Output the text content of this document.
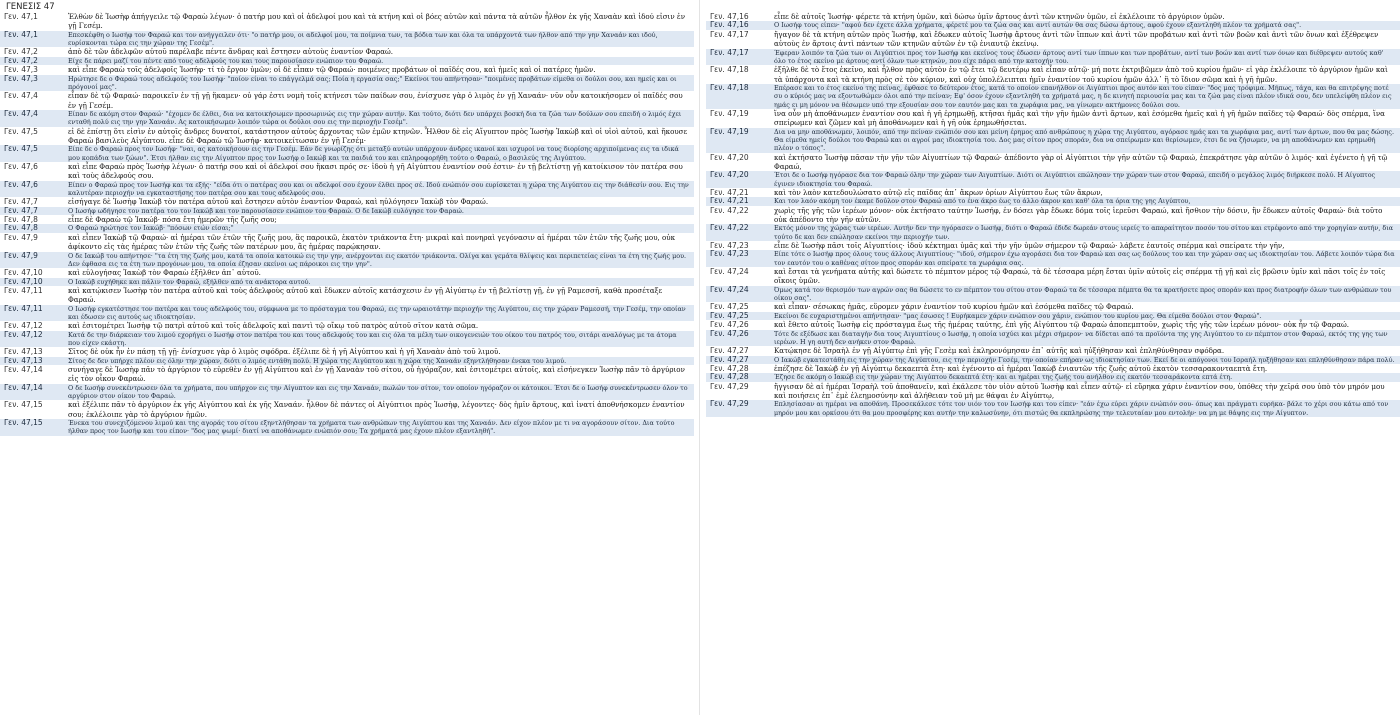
ΓΕΝΕΣΙΣ 47
Γεν. 47,1	Ἐλθὼν δὲ Ἰωσὴφ ἀπήγγειλε τῷ Φαραὼ λέγων· ὁ πατήρ μου καὶ οἱ ἀδελφοί μου καὶ τὰ κτήνη καὶ οἱ βόες αὐτῶν καὶ πάντα τὰ αὐτῶν ἦλθον ἐκ γῆς Χαναὰν καὶ ἰδού εἰσιν ἐν γῇ Γεσέμ.
Γεν. 47,1	Επεσκέφθη ο Ιωσήφ τον Φαραώ και τον ανήγγειλεν ότι· "ο πατήρ μου, οι αδελφοί μου, τα ποίμνια των, τα βόδια των και όλα τα υπάρχοντά των ήλθον από την γην Χαναάν και ιδού, ευρίσκονται τώρα εις την χώραν της Γεσέμ".
Γεν. 47,2	ἀπὸ δὲ τῶν ἀδελφῶν αὐτοῦ παρέλαβε πέντε ἄνδρας καὶ ἔστησεν αὐτοὺς ἐναντίον Φαραώ.
Γεν. 47,2	Είχε δε πάρει μαζί του πέντε από τους αδελφούς του και τους παρουσίασεν ενώπιον του Φαραώ.
Γεν. 47,3	καὶ εἶπε Φαραὼ τοῖς ἀδελφοῖς Ἰωσήφ· τί τὸ ἔργον ὑμῶν; οἱ δὲ εἶπαν τῷ Φαραώ· ποιμένες προβάτων οἱ παῖδές σου, καὶ ἡμεῖς καὶ οἱ πατέρες ἡμῶν.
Γεν. 47,3	Ηρώτησε δε ο Φαραώ τους αδελφούς του Ιωσήφ· "ποίον είναι το επάγγελμά σας; Ποία η εργασία σας;" Εκείνοι του απήντησαν· "ποιμένες προβάτων είμεθα οι δούλοι σου, και ημείς και οι πρόγονοί μας".
Γεν. 47,4	εἶπαν δὲ τῷ Φαραώ· παροικεῖν ἐν τῇ γῇ ἥκαμεν· οὐ γάρ ἐστι νομὴ τοῖς κτήνεσι τῶν παίδων σου, ἐνίσχυσε γὰρ ὁ λιμὸς ἐν γῇ Χαναάν· νῦν οὖν κατοικήσομεν οἱ παῖδές σου ἐν γῇ Γεσέμ.
Γεν. 47,4	Είπαν δε ακόμη στον Φαραώ· "έχομεν δε έλθει, δια να κατοικήσωμεν προσωρινώς εις την χώραν αυτήν. Και τούτο, διότι δεν υπάρχει βοσκή δια τα ζώα των δούλων σου επειδή ο λιμός έχει ενταθή πολύ εις την γην Χαναάν. Ας κατοικήσωμεν λοιπόν τώρα οι δούλοι σου εις την περιοχήν Γεσέμ".
Γεν. 47,5	εἰ δὲ ἐπίστῃ ὅτι εἰσὶν ἐν αὐτοῖς ἄνδρες δυνατοί, κατάστησον αὐτοὺς ἄρχοντας τῶν ἐμῶν κτηνῶν. Ἦλθον δὲ εἰς Αἴγυπτον πρὸς Ἰωσὴφ Ἰακὼβ καὶ οἱ υἱοὶ αὐτοῦ, καὶ ἤκουσε Φαραὼ βασιλεὺς Αἰγύπτου. εἶπε δὲ Φαραὼ τῷ Ἰωσήφ· κατοικείτωσαν ἐν γῇ Γεσέμ·
Γεν. 47,5	Είπε δε ο Φαραώ προς τον Ιωσήφ· "ναι, ας κατοικήσουν εις την Γεσέμ. Εάν δε γνωρίζης ότι μεταξύ αυτών υπάρχουν άνδρες ικανοί και ισχυροί να τους διορίσης αρχιποίμενας εις τα ιδικά μου κοπάδια των ζώων". Έτσι ήλθαν εις την Αίγυπτον προς τον Ιωσήφ ο Ιακώβ και τα παιδιά του και επληροφορήθη τούτο ο Φαραώ, ο βασιλεύς της Αιγύπτου.
Γεν. 47,6	καὶ εἶπε Φαραὼ πρὸς Ἰωσὴφ λέγων· ὁ πατήρ σου καὶ οἱ ἀδελφοί σου ἥκασι πρός σε· ἰδοὺ ἡ γῆ Αἰγύπτου ἐναντίον σού ἐστιν· ἐν τῇ βελτίστῃ γῇ κατοίκισον τὸν πατέρα σου καὶ τοὺς ἀδελφούς σου.
Γεν. 47,6	Είπεν ο Φαραώ προς τον Ιωσήφ και τα εξής· "είδα ότι ο πατέρας σου και οι αδελφοί σου έχουν έλθει προς σέ. Ιδού ενώπιόν σου ευρίσκεται η χώρα της Αιγύπτου εις την διάθεσίν σου. Εις την καλυτέραν περιοχήν να εγκαταστήσης τον πατέρα σου και τους αδελφούς σου.
Γεν. 47,7	εἰσήγαγε δὲ Ἰωσὴφ Ἰακὼβ τὸν πατέρα αὐτοῦ καὶ ἔστησεν αὐτὸν ἐναντίον Φαραώ, καὶ ηὐλόγησεν Ἰακὼβ τὸν Φαραώ.
Γεν. 47,7	Ο Ιωσήφ ωδήγησε τον πατέρα του τον Ιακώβ και τον παρουσίασεν ενώπιον του Φαραώ. Ο δε Ιακώβ ευλόγησε τον Φαραώ.
Γεν. 47,8	εἶπε δὲ Φαραὼ τῷ Ἰακώβ· πόσα ἔτη ἡμερῶν τῆς ζωῆς σου;
Γεν. 47,8	Ο Φαραώ ηρώτησε τον Ιακώβ· "πόσων ετών είσαι;"
Γεν. 47,9	καὶ εἶπεν Ἰακὼβ τῷ Φαραώ· αἱ ἡμέραι τῶν ἐτῶν τῆς ζωῆς μου, ἃς παροικῶ, ἑκατὸν τριάκοντα ἔτη· μικραὶ καὶ πονηραὶ γεγόνασιν αἱ ἡμέραι τῶν ἐτῶν τῆς ζωῆς μου, οὐκ ἀφίκοντο εἰς τὰς ἡμέρας τῶν ἐτῶν τῆς ζωῆς τῶν πατέρων μου, ἃς ἡμέρας παρῴκησαν.
Γεν. 47,9	Ο δε Ιακώβ του απήντησε· "τα έτη της ζωής μου, κατά τα οποία κατοικώ εις την γην, ανέρχονται εις εκατόν τριάκοντα. Ολίγα και γεμάτα θλίψεις και περιπετείας είναι τα έτη της ζωής μου. Δεν έφθασα εις τα έτη των προγόνων μου, τα οποία έζησαν εκείνοι ως πάροικοι εις την γην".
Γεν. 47,10	καὶ εὐλογήσας Ἰακὼβ τὸν Φαραὼ ἐξῆλθεν ἀπ᾿ αὐτοῦ.
Γεν. 47,10	Ο Ιακώβ ευχήθηκε και πάλιν τον Φαραώ, εξήλθεν από τα ανάκτορα αυτού.
Γεν. 47,11	καὶ κατῴκισεν Ἰωσὴφ τὸν πατέρα αὐτοῦ καὶ τοὺς ἀδελφοὺς αὐτοῦ καὶ ἔδωκεν αὐτοῖς κατάσχεσιν ἐν γῇ Αἰγύπτῳ ἐν τῇ βελτίστῃ γῇ, ἐν γῇ Ραμεσσῆ, καθὰ προσέταξε Φαραώ.
Γεν. 47,11	Ο Ιωσήφ εγκατέστησε τον πατέρα και τους αδελφούς του, σύμφωνα με το πρόσταγμα του Φαραώ, εις την ωραιοτάτην περιοχήν της Αιγύπτου, εις την χώραν Ραμεσσή, την Γεσέμ, την οποίαν και έδωσεν εις αυτούς ως ιδιοκτησίαν.
Γεν. 47,12	καὶ ἐσιτομέτρει Ἰωσὴφ τῷ πατρὶ αὐτοῦ καὶ τοῖς ἀδελφοῖς καὶ παντὶ τῷ οἴκῳ τοῦ πατρὸς αὐτοῦ σῖτον κατὰ σῶμα.
Γεν. 47,12	Κατά δε την διάρκειαν του λιμού εχορήγει ο Ιωσήφ στον πατέρα του και τους αδελφούς του και εις όλα τα μέλη των οικογενειών του οίκου του πατρός του, σιτάρι αναλόγως με τα άτομα που είχεν εκάστη.
Γεν. 47,13	Σῖτος δὲ οὐκ ἦν ἐν πάσῃ τῇ γῇ· ἐνίσχυσε γὰρ ὁ λιμὸς σφόδρα. ἐξέλιπε δὲ ἡ γῆ Αἰγύπτου καὶ ἡ γῆ Χαναὰν ἀπὸ τοῦ λιμοῦ.
Γεν. 47,13	Σίτος δε δεν υπήρχε πλέον εις όλην την χώραν, διότι ο λιμός εντάθη πολύ. Η χώρα της Αιγύπτου και η χώρα της Χαναάν εξηντλήθησαν ένεκα του λιμού.
Γεν. 47,14	συνήγαγε δὲ Ἰωσὴφ πᾶν τὸ ἀργύριον τὸ εὑρεθὲν ἐν γῇ Αἰγύπτου καὶ ἐν γῇ Χαναὰν τοῦ σίτου, οὗ ἠγόραζον, καὶ ἐσιτομέτρει αὐτοῖς, καὶ εἰσήνεγκεν Ἰωσὴφ πᾶν τὸ ἀργύριον εἰς τὸν οἶκον Φαραώ.
Γεν. 47,14	Ο δε Ιωσήφ συνεκέντρωσεν όλα τα χρήματα, που υπήρχον εις την Αίγυπτον και εις την Χαναάν, πωλών τον σίτον, τον οποίον ηγόραζον οι κάτοικοι. Έτσι δε ο Ιωσήφ συνεκέντρωσεν όλον το αργύριον στον οίκον του Φαραώ.
Γεν. 47,15	καὶ ἐξέλιπε πᾶν τὸ ἀργύριον ἐκ γῆς Αἰγύπτου καὶ ἐκ γῆς Χαναάν. ἦλθον δὲ πάντες οἱ Αἰγύπτιοι πρὸς Ἰωσὴφ, λέγοντες· δὸς ἡμῖν ἄρτους, καὶ ἱνατί ἀποθνήσκομεν ἐναντίον σου; ἐκλέλοιπε γὰρ τὸ ἀργύριον ἡμῶν.
Γεν. 47,15	Ένεκα του συνεχιζόμενου λιμού και της αγοράς του σίτου εξηντλήθησαν τα χρήματα των ανθρώπων της Αιγύπτου και της Χαναάν. Δεν είχον πλέον με τι να αγοράσουν σίτον. Δια τούτο ήλθαν προς τον Ιωσήφ και του είπον· "δος μας ψωμί· διατί να αποθάνωμεν ενώπιόν σου; Τα χρήματά μας έχουν πλέον εξαντληθή".
Γεν. 47,16	εἶπε δὲ αὐτοῖς Ἰωσήφ· φέρετε τὰ κτήνη ὑμῶν, καὶ δώσω ὑμῖν ἄρτους ἀντὶ τῶν κτηνῶν ὑμῶν, εἰ ἐκλέλοιπε τὸ ἀργύριον ὑμῶν.
Γεν. 47,16	Ο Ιωσήφ τους είπεν· "αφού δεν έχετε άλλα χρήματα, φέρετέ μου τα ζώα σας και αντί αυτών θα σας δώσω άρτους, αφού έχουν εξαντληθή πλέον τα χρήματά σας".
Γεν. 47,17	ἤγαγον δὲ τὰ κτήνη αὐτῶν πρὸς Ἰωσήφ, καὶ ἔδωκεν αὐτοῖς Ἰωσὴφ ἄρτους ἀντὶ τῶν ἵππων καὶ ἀντὶ τῶν προβάτων καὶ ἀντὶ τῶν βοῶν καὶ ἀντὶ τῶν ὄνων καὶ ἐξέθρεψεν αὐτοὺς ἐν ἄρτοις ἀντὶ πάντων τῶν κτηνῶν αὐτῶν ἐν τῷ ἐνιαυτῷ ἐκείνῳ.
Γεν. 47,17	Έφεραν λοιπόν τα ζώα των οι Αιγύπτιοι προς τον Ιωσήφ και εκείνος τους έδωσεν άρτους αντί των ίππων και των προβάτων, αντί των βοών και αντί των όνων και διέθρεψεν αυτούς καθ' όλο το έτος εκείνο με άρτους αντί όλων των κτηνών, που είχε πάρει από την κατοχήν του.
Γεν. 47,18	ἐξῆλθε δὲ τὸ ἔτος ἐκεῖνο, καὶ ἦλθον πρὸς αὐτὸν ἐν τῷ ἔτει τῷ δευτέρῳ καὶ εἶπαν αὐτῷ· μή ποτε ἐκτριβῶμεν ἀπὸ τοῦ κυρίου ἡμῶν· εἰ γὰρ ἐκλέλοιπε τὸ ἀργύριον ἡμῶν καὶ τὰ ὑπάρχοντα καὶ τὰ κτήνη πρὸς σὲ τὸν κύριον, καὶ οὐχ ὑπολέλειπται ἡμῖν ἐναντίον τοῦ κυρίου ἡμῶν ἀλλ᾿ ἢ τὸ ἴδιον σῶμα καὶ ἡ γῆ ἡμῶν.
Γεν. 47,18	Επέρασε και το έτος εκείνο της πείνας, έφθασε το δεύτερον έτος, κατά το οποίον επανήλθον οι Αιγύπτιοι προς αυτόν και του είπαν· "δος μας τρόφιμα. Μήπως, τάχα, και θα επιτρέψης ποτέ συ ο κύριός μας να εξοντωθώμεν όλοι από την πείναν; Εφ' όσον έχουν εξαντληθή τα χρήματά μας, η δε κινητή περιουσία μας και τα ζώα μας είναι πλέον ιδικά σου, δεν υπελείφθη πλέον εις ημάς ει μη μόνον να θέσωμεν υπό την εξουσίαν σου τον εαυτόν μας και τα χωράφια μας, να γίνωμεν ακτήμονες δούλοι σου.
Γεν. 47,19	ἵνα οὖν μὴ ἀποθάνωμεν ἐναντίον σου καὶ ἡ γῆ ἐρημωθῇ, κτῆσαι ἡμᾶς καὶ τὴν γῆν ἡμῶν ἀντὶ ἄρτων, καὶ ἐσόμεθα ἡμεῖς καὶ ἡ γῆ ἡμῶν παῖδες τῷ Φαραώ· δὸς σπέρμα, ἵνα σπείρωμεν καὶ ζῶμεν καὶ μὴ ἀποθάνωμεν καὶ ἡ γῆ οὐκ ἐρημωθήσεται.
Γεν. 47,19	Δια να μην αποθάνωμεν, λοιπόν, από την πείναν ενώπιόν σου και μείνη έρημος από ανθρώπους η χώρα της Αιγύπτου, αγόρασε ημάς και τα χωράφια μας, αντί των άρτων, που θα μας δώσης. Θα είμεθα ημείς δούλοι του Φαραώ και οι αγροί μας ιδιοκτησία του. Δος μας σίτον προς σποράν, δια να σπείρωμεν και θερίσωμεν, έτσι δε να ζήσωμεν, να μη αποθάνωμεν και ερημωθή πλέον ο τόπος".
Γεν. 47,20	καὶ ἐκτήσατο Ἰωσὴφ πᾶσαν τὴν γῆν τῶν Αἰγυπτίων τῷ Φαραώ· ἀπέδοντο γὰρ οἱ Αἰγύπτιοι τὴν γῆν αὐτῶν τῷ Φαραώ, ἐπεκράτησε γὰρ αὐτῶν ὁ λιμός· καὶ ἐγένετο ἡ γῆ τῷ Φαραώ,
Γεν. 47,20	Έτσι δε ο Ιωσήφ ηγόρασε δια τον Φαραώ όλην την χώραν των Αιγυπτίων. Διότι οι Αιγύπτιοι επώλησαν την χώραν των στον Φαραώ, επειδή ο μεγάλος λιμός διήρκεσε πολύ. Η Αίγυπτος έγινεν ιδιοκτησία του Φαραώ.
Γεν. 47,21	καὶ τὸν λαὸν κατεδουλώσατο αὐτῷ εἰς παῖδας ἀπ᾿ ἄκρων ὁρίων Αἰγύπτου ἕως τῶν ἄκρων,
Γεν. 47,21	Και τον λαόν ακόμη τον έκαμε δούλον στον Φαραώ από το ένα άκρο έως το άλλο άκρον και καθ' όλα τα όρια της γης Αιγύπτου,
Γεν. 47,22	χωρὶς τῆς γῆς τῶν ἱερέων μόνον· οὐκ ἐκτήσατο ταύτην Ἰωσήφ, ἐν δόσει γὰρ ἔδωκε δόμα τοῖς ἱερεῦσι Φαραώ, καὶ ἤσθιον τὴν δόσιν, ἣν ἔδωκεν αὐτοῖς Φαραώ· διὰ τοῦτο οὐκ ἀπέδοντο τὴν γῆν αὐτῶν.
Γεν. 47,22	Εκτός μόνον της χώρας των ιερέων. Αυτήν δεν την ηγόρασεν ο Ιωσήφ, διότι ο Φαραώ έδιδε δωρεάν στους ιερείς το απαραίτητον ποσόν του σίτου και ετρέφοντο από την χορηγίαν αυτήν, δια τούτο δε και δεν επώλησαν εκείνοι την περιοχήν των.
Γεν. 47,23	εἶπε δὲ Ἰωσὴφ πᾶσι τοῖς Αἰγυπτίοις· ἰδοὺ κέκτημαι ὑμᾶς καὶ τὴν γῆν ὑμῶν σήμερον τῷ Φαραώ· λάβετε ἑαυτοῖς σπέρμα καὶ σπείρατε τὴν γῆν,
Γεν. 47,23	Είπε τότε ο Ιωσήφ προς όλους τους άλλους Αιγυπτίους· "ιδού, σήμερον έχω αγοράσει δια τον Φαραώ και σας ως δούλους του και την χώραν σας ως ιδιοκτησίαν του. Λάβετε λοιπόν τώρα δια τον εαυτόν του ο καθένας σίτον προς σποράν και σπείρατε τα χωράφια σας.
Γεν. 47,24	καὶ ἔσται τὰ γενήματα αὐτῆς καὶ δώσετε τὸ πέμπτον μέρος τῷ Φαραώ, τὰ δὲ τέσσαρα μέρη ἔσται ὑμῖν αὐτοῖς εἰς σπέρμα τῇ γῇ καὶ εἰς βρῶσιν ὑμῖν καὶ πᾶσι τοῖς ἐν τοῖς οἴκοις ὑμῶν.
Γεν. 47,24	Όμως κατά τον θερισμόν των αγρών σας θα δώσετε το εν πέμπτον του σίτου στον Φαραώ τα δε τέσσαρα πέμπτα θα τα κρατήσετε προς σποράν και προς διατροφήν όλων των ανθρώπων του οίκου σας".
Γεν. 47,25	καὶ εἶπαν· σέσωκας ἡμᾶς, εὕρομεν χάριν ἐναντίον τοῦ κυρίου ἡμῶν καὶ ἐσόμεθα παῖδες τῷ Φαραώ.
Γεν. 47,25	Εκείνοι δε ευχαριστημένοι απήντησαν· "μας έσωσες ! Ευρήκαμεν χάριν ενώπιον σου χάριν, ενώπιον του κυρίου μας. Θα είμεθα δούλοι στον Φαραώ".
Γεν. 47,26	καὶ ἔθετο αὐτοῖς Ἰωσὴφ εἰς πρόσταγμα ἕως τῆς ἡμέρας ταύτης, ἐπὶ γῆς Αἰγύπτου τῷ Φαραὼ ἀποπεμπτοῦν, χωρὶς τῆς γῆς τῶν ἱερέων μόνον· οὐκ ἦν τῷ Φαραώ.
Γεν. 47,26	Τότε δε εξέδωσε και διαταγήν δια τους Αιγυπτίους ο Ιωσήφ, η οποία ισχύει και μέχρι σήμερον· να δίδεται από τα προϊόντα της γης Αιγύπτου το εν πέμπτον στον Φαραώ, εκτός της γης των ιερέων. Η γη αυτή δεν ανήκεν στον Φαραώ.
Γεν. 47,27	Κατῴκησε δὲ Ἰσραὴλ ἐν γῇ Αἰγύπτῳ ἐπὶ γῆς Γεσὲμ καὶ ἐκληρονόμησαν ἐπ᾿ αὐτῆς καὶ ηὐξήθησαν καὶ ἐπληθύνθησαν σφόδρα.
Γεν. 47,27	Ο Ιακώβ εγκατεστάθη εις την χώραν της Αιγύπτου, εις την περιοχήν Γεσέμ, την οποίαν επήραν ως ιδιοκτησίαν των. Εκεί δε οι απόγονοι του Ισραήλ ηυξήθησαν και επληθύνθησαν πάρα πολύ.
Γεν. 47,28	ἐπέζησε δὲ Ἰακὼβ ἐν γῇ Αἰγύπτῳ δεκαεπτὰ ἔτη· καὶ ἐγένοντο αἱ ἡμέραι Ἰακὼβ ἐνιαυτῶν τῆς ζωῆς αὐτοῦ ἑκατὸν τεσσαρακονταεπτὰ ἔτη.
Γεν. 47,28	Έζησε δε ακόμη ο Ιακώβ εις την χώραν της Αιγύπτου δεκαεπτά έτη· και αι ημέραι της ζωής του ανήλθον εις εκατόν τεσσαράκοντα επτά έτη.
Γεν. 47,29	ἤγγισαν δὲ αἱ ἡμέραι Ἰσραὴλ τοῦ ἀποθανεῖν, καὶ ἐκάλεσε τὸν υἱὸν αὐτοῦ Ἰωσὴφ καὶ εἶπεν αὐτῷ· εἰ εὕρηκα χάριν ἐναντίον σου, ὑπόθες τὴν χεῖρά σου ὑπὸ τὸν μηρόν μου καὶ ποιήσεις ἐπ᾿ ἐμὲ ἐλεημοσύνην καὶ ἀλήθειαν τοῦ μὴ με θάψαι ἐν Αἰγύπτῳ,
Γεν. 47,29	Επλησίασαν αι ημέραι να αποθάνη. Προσεκάλεσε τότε τον υιόν του τον Ιωσήφ και του είπεν· "εάν έχω εύρει χάριν ενώπιόν σου- όπως και πράγματι ευρήκα- βάλε το χέρι σου κάτω από τον μηρόν μου και ορκίσου ότι θα μου προσφέρης και αυτήν την καλωσύνην, ότι πιστώς θα εκπληρώσης την τελευταίαν μου εντολήν· να μη με θάψης εις την Αίγυπτον.
